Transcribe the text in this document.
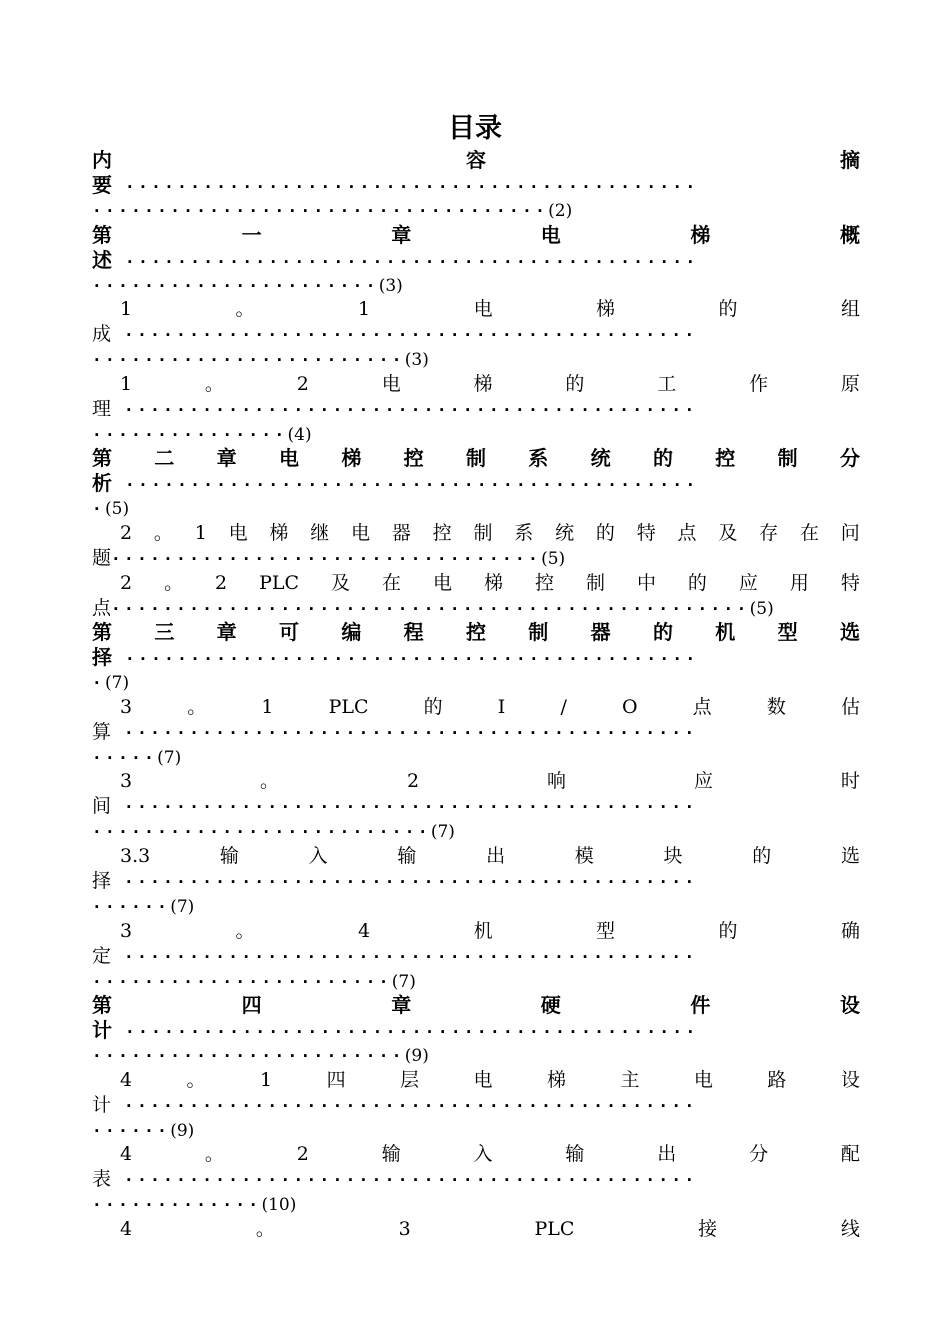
目录
内	容	摘
要 ············································
···································(2)
第	一	章	电	梯	概
述 ············································
······················(3)
1	。	1	电	梯	的	组
成 ············································
························(3)
1	。	2	电	梯	的	工	作	原
理 ············································
···············(4)
第 二 章 电 梯 控 制 系 统 的 控 制 分
析 ············································
·(5)
2 。 1 电 梯 继 电 器 控 制 系 统 的 特 点 及 存 在 问
题·································(5)
2 。 2 PLC 及 在 电 梯 控 制 中 的 应 用 特
点·················································(5)
第 三 章 可 编 程 控 制 器 的 机 型 选
择 ············································
·(7)
3	。	1	PLC	的	I	/	O	点	数	估
算 ············································
·····(7)
3	。	2	响	应	时
间 ············································
··························(7)
3.3	输	入	输	出	模	块	的	选
择 ············································
······(7)
3	。	4	机	型	的	确
定 ············································
·······················(7)
第	四	章	硬	件	设
计 ············································
························(9)
4	。	1	四	层	电	梯	主	电	路	设
计 ············································
······(9)
4	。	2	输	入	输	出	分	配
表 ············································
·············(10)
4	。	3	PLC	接	线
